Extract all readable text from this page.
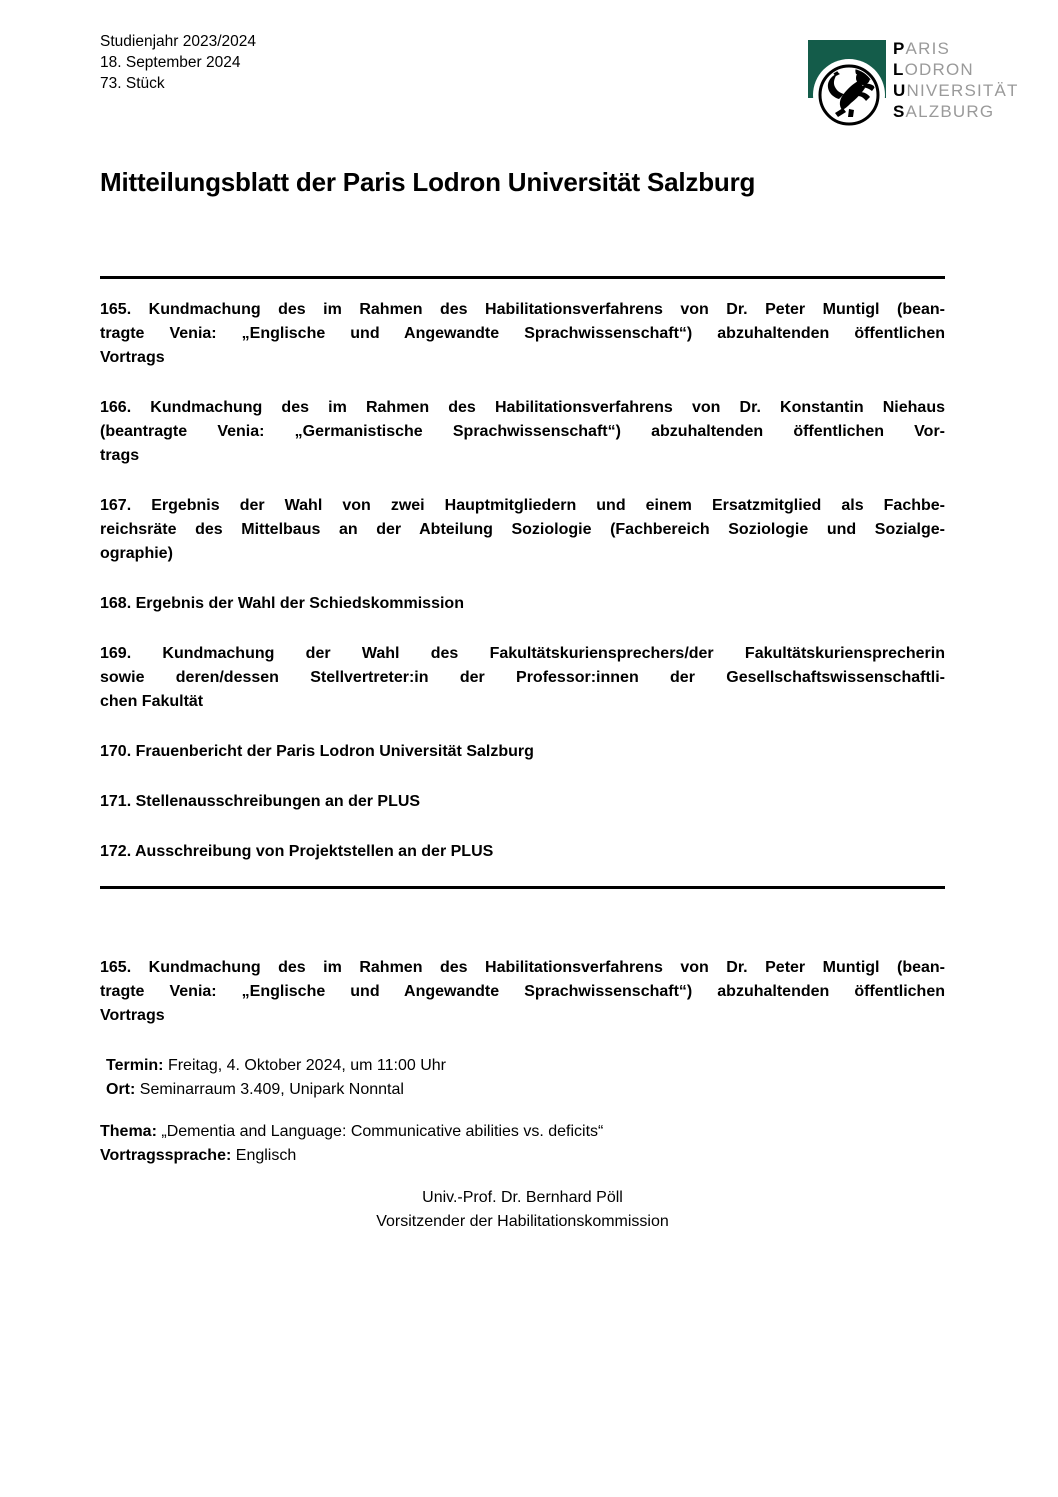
Studienjahr 2023/2024
18. September 2024
73. Stück
PARIS
LODRON
UNIVERSITÄT
SALZBURG
Mitteilungsblatt der Paris Lodron Universität Salzburg
165. Kundmachung des im Rahmen des Habilitationsverfahrens von Dr. Peter Muntigl (bean-
tragte Venia: „Englische und Angewandte Sprachwissenschaft“) abzuhaltenden öffentlichen
Vortrags
166. Kundmachung des im Rahmen des Habilitationsverfahrens von Dr. Konstantin Niehaus
(beantragte Venia: „Germanistische Sprachwissenschaft“) abzuhaltenden öffentlichen Vor-
trags
167. Ergebnis der Wahl von zwei Hauptmitgliedern und einem Ersatzmitglied als Fachbe-
reichsräte des Mittelbaus an der Abteilung Soziologie (Fachbereich Soziologie und Sozialge-
ographie)
168. Ergebnis der Wahl der Schiedskommission
169. Kundmachung der Wahl des Fakultätskuriensprechers/der Fakultätskuriensprecherin
sowie deren/dessen Stellvertreter:in der Professor:innen der Gesellschaftswissenschaftli-
chen Fakultät
170. Frauenbericht der Paris Lodron Universität Salzburg
171. Stellenausschreibungen an der PLUS
172. Ausschreibung von Projektstellen an der PLUS
165. Kundmachung des im Rahmen des Habilitationsverfahrens von Dr. Peter Muntigl (bean-
tragte Venia: „Englische und Angewandte Sprachwissenschaft“) abzuhaltenden öffentlichen
Vortrags
Termin: Freitag, 4. Oktober 2024, um 11:00 Uhr
Ort: Seminarraum 3.409, Unipark Nonntal
Thema: „Dementia and Language: Communicative abilities vs. deficits“
Vortragssprache: Englisch
Univ.-Prof. Dr. Bernhard Pöll
Vorsitzender der Habilitationskommission
